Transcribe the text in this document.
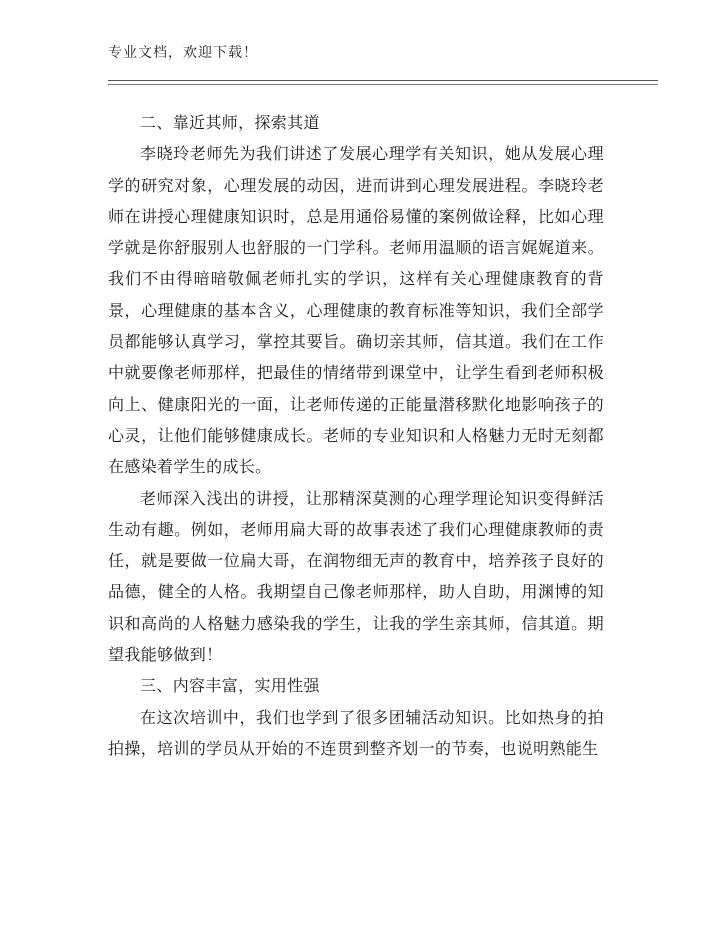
专业文档，欢迎下载！

二、靠近其师，探索其道

李晓玲老师先为我们讲述了发展心理学有关知识，她从发展心理学的研究对象，心理发展的动因，进而讲到心理发展进程。李晓玲老师在讲授心理健康知识时，总是用通俗易懂的案例做诠释，比如心理学就是你舒服别人也舒服的一门学科。老师用温顺的语言娓娓道来。我们不由得暗暗敬佩老师扎实的学识，这样有关心理健康教育的背景，心理健康的基本含义，心理健康的教育标准等知识，我们全部学员都能够认真学习，掌控其要旨。确切亲其师，信其道。我们在工作中就要像老师那样，把最佳的情绪带到课堂中，让学生看到老师积极向上、健康阳光的一面，让老师传递的正能量潜移默化地影响孩子的心灵，让他们能够健康成长。老师的专业知识和人格魅力无时无刻都在感染着学生的成长。

老师深入浅出的讲授，让那精深莫测的心理学理论知识变得鲜活生动有趣。例如，老师用扁大哥的故事表述了我们心理健康教师的责任，就是要做一位扁大哥，在润物细无声的教育中，培养孩子良好的品德，健全的人格。我期望自己像老师那样，助人自助，用渊博的知识和高尚的人格魅力感染我的学生，让我的学生亲其师，信其道。期望我能够做到！

三、内容丰富，实用性强

在这次培训中，我们也学到了很多团辅活动知识。比如热身的拍拍操，培训的学员从开始的不连贯到整齐划一的节奏，也说明熟能生
